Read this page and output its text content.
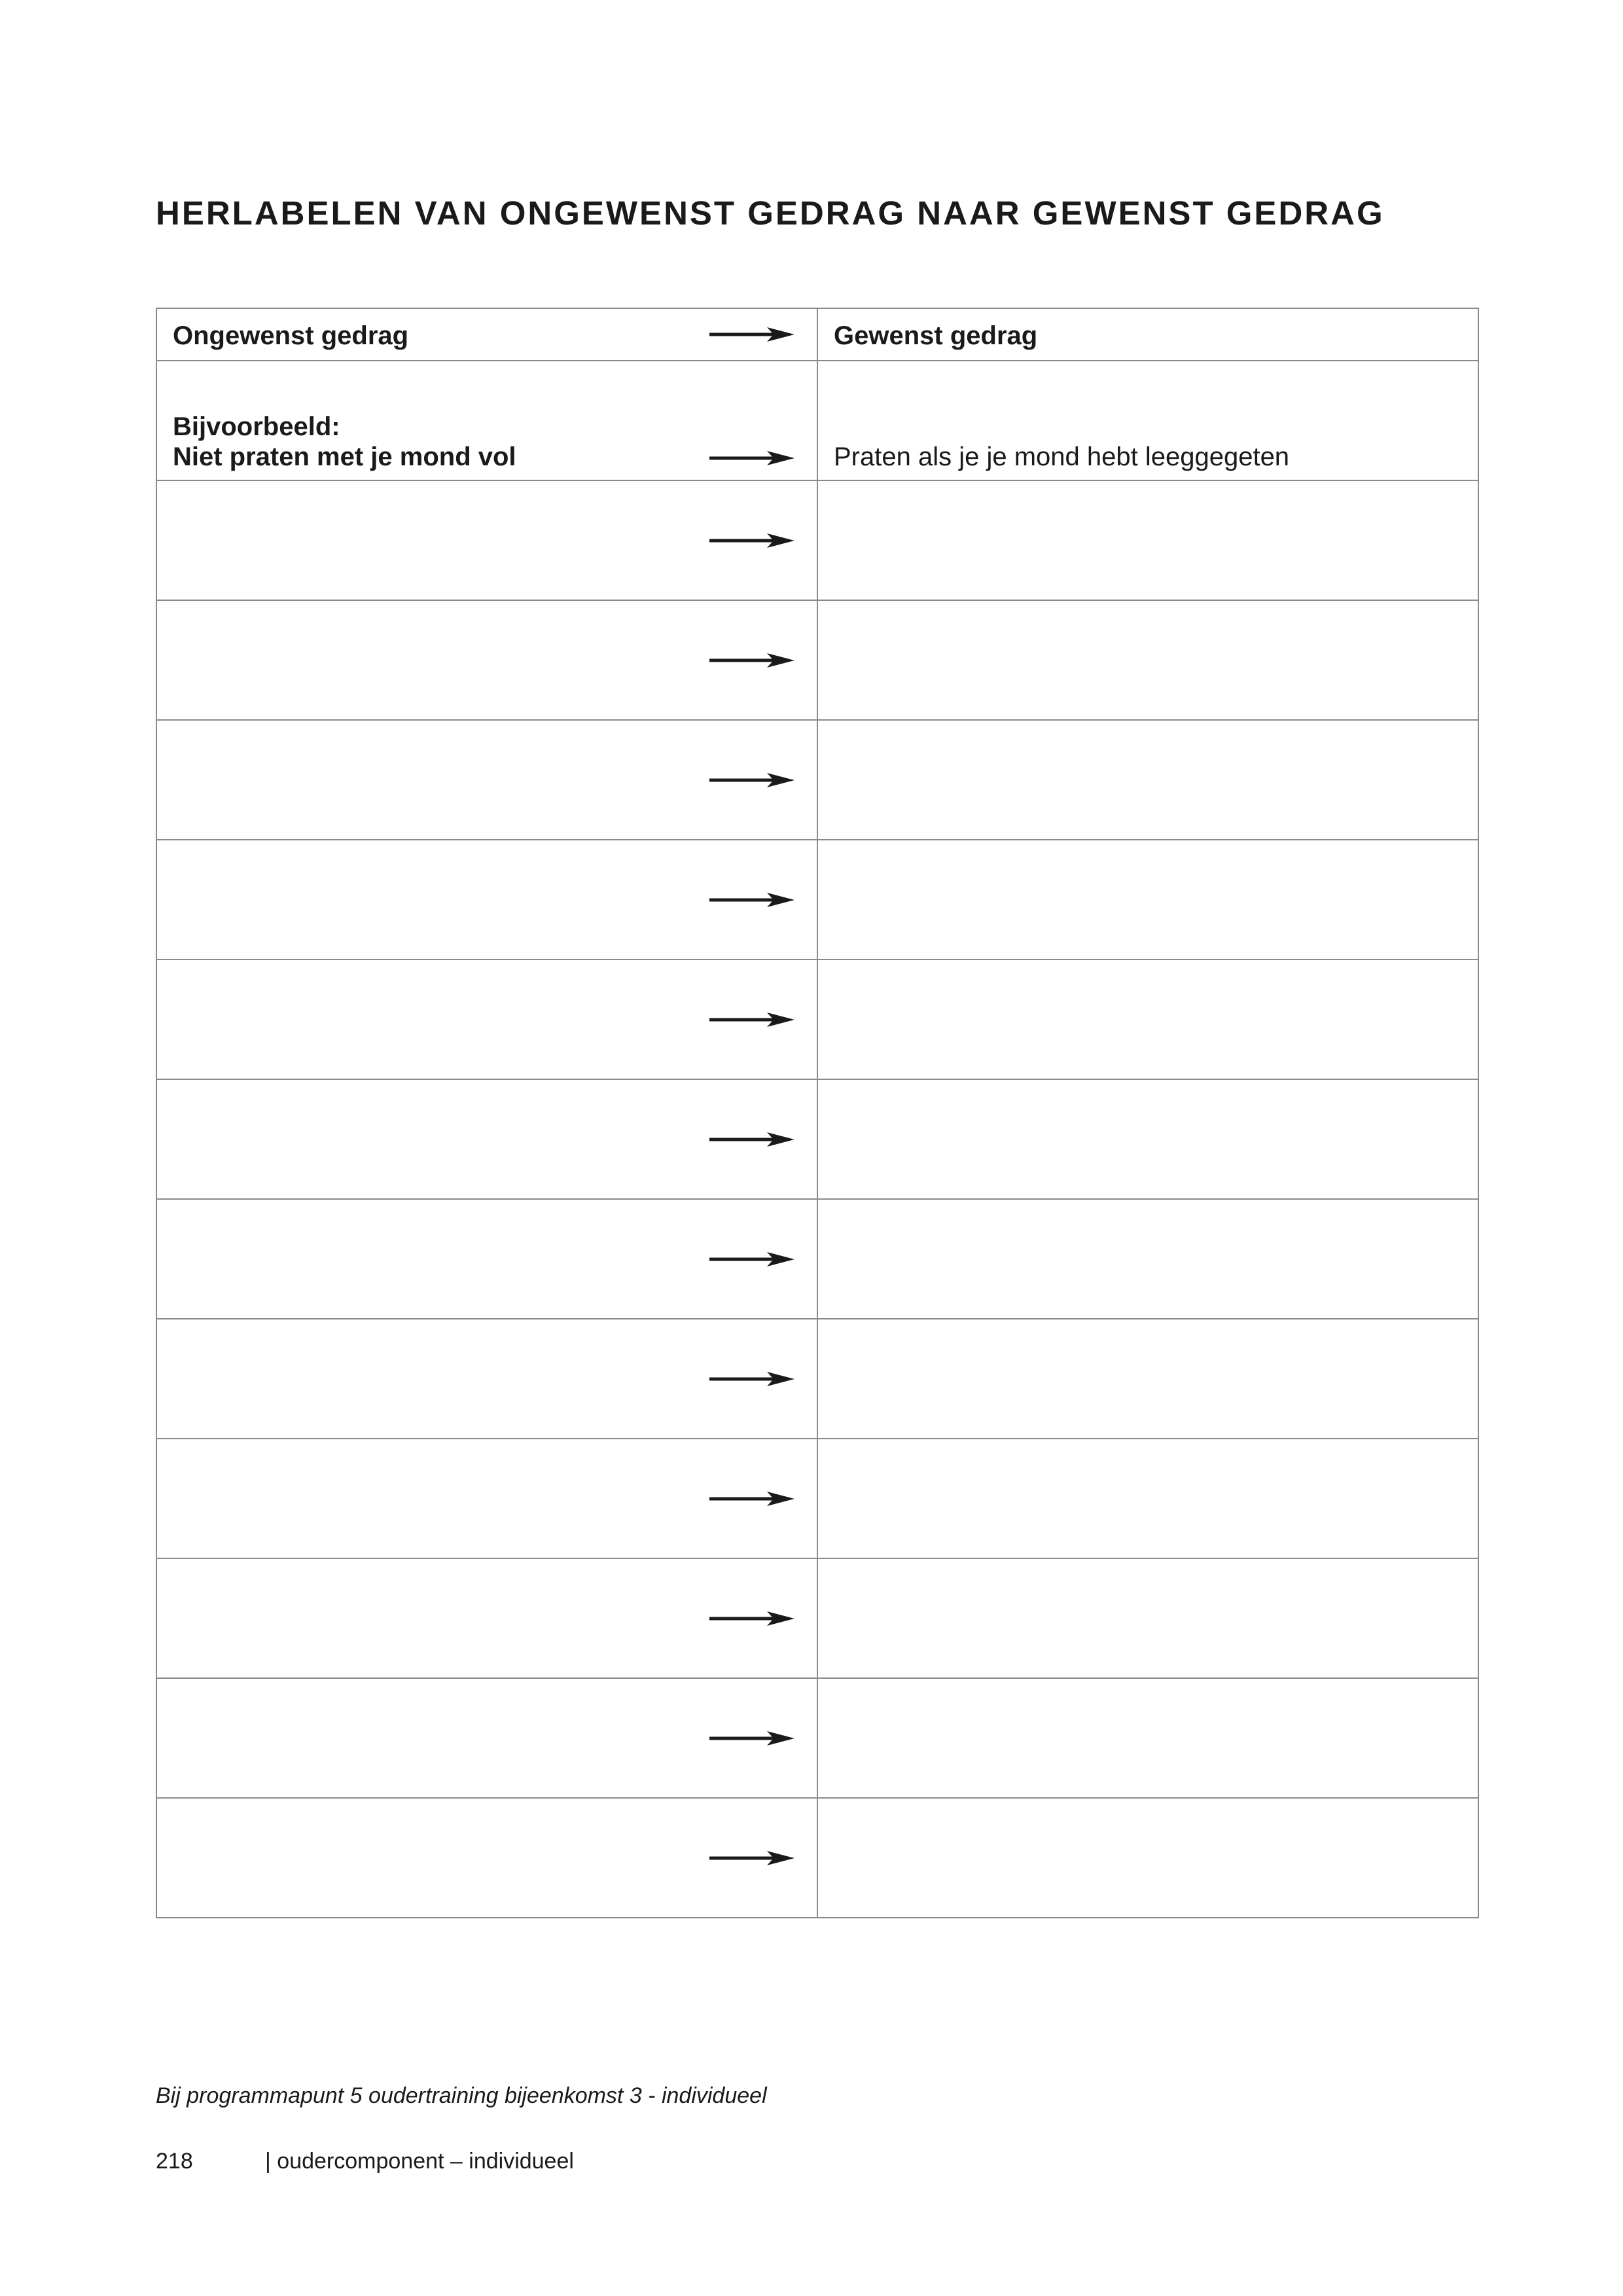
HERLABELEN VAN ONGEWENST GEDRAG NAAR GEWENST GEDRAG
Ongewenst gedrag	Gewenst gedrag

Bijvoorbeeld:
Niet praten met je mond vol	Praten als je je mond hebt leeggegeten

Bij programmapunt 5 oudertraining bijeenkomst 3 - individueel

218	| oudercomponent – individueel
